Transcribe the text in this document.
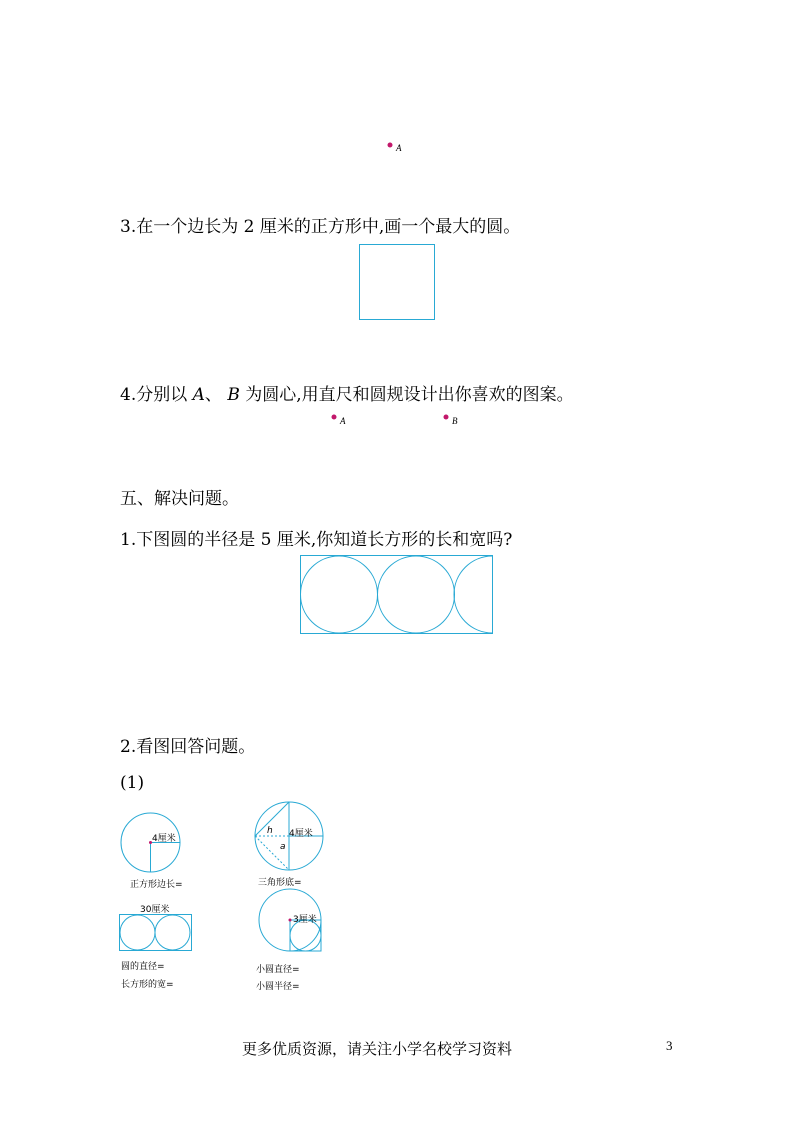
A
3.在一个边长为 2 厘米的正方形中,画一个最大的圆。
4.分别以 A、 B 为圆心,用直尺和圆规设计出你喜欢的图案。
A	B
五、解决问题。
1.下图圆的半径是 5 厘米,你知道长方形的长和宽吗?
2.看图回答问题。
(1)
4厘米
正方形边长=
h
a
4厘米
三角形底=
30厘米
圆的直径=
长方形的宽=
3厘米
小圆直径=
小圆半径=
更多优质资源，请关注小学名校学习资料	3
